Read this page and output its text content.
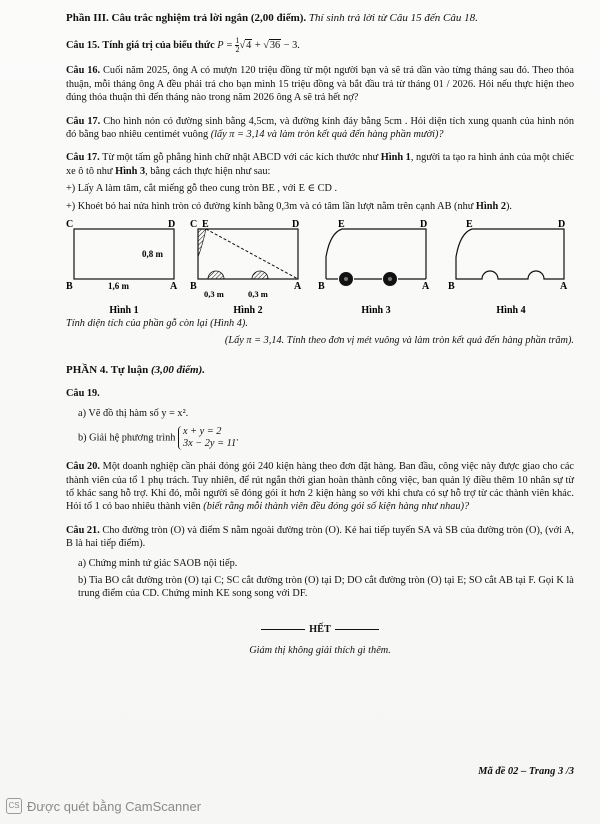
Phần III. Câu trắc nghiệm trả lời ngắn (2,00 điểm). Thí sinh trả lời từ Câu 15 đến Câu 18.

Câu 15. Tính giá trị của biểu thức $P = \frac{1}{2} √4 + √36 - 3$.

Câu 16. Cuối năm 2025, ông A có mượn 120 triệu đồng từ một người bạn và sẽ trả dần vào từng tháng sau đó. Theo thỏa thuận, mỗi tháng ông A đều phải trả cho bạn mình 15 triệu đồng và bắt đầu trả từ tháng 01 / 2026. Hỏi nếu thực hiện theo đúng thỏa thuận thì đến tháng nào trong năm 2026 ông A sẽ trả hết nợ?

Câu 17. Cho hình nón có đường sinh bằng 4,5cm, và đường kính đáy bằng 5cm . Hỏi diện tích xung quanh của hình nón đó bằng bao nhiêu centimét vuông (lấy π = 3,14 và làm tròn kết quả đến hàng phần mười)?

Câu 17. Từ một tấm gỗ phẳng hình chữ nhật ABCD với các kích thước như Hình 1, người ta tạo ra hình ảnh của một chiếc xe ô tô như Hình 3, bằng cách thực hiện như sau:

+) Lấy A làm tâm, cắt miếng gỗ theo cung tròn BE , với E ∈ CD .

+) Khoét bỏ hai nửa hình tròn có đường kính bằng 0,3m và có tâm lần lượt nằm trên cạnh AB (như Hình 2).

C	D
B	A
0,8 m
1,6 m
Hình 1
C E	D
B	A
0,3 m	0,3 m
Hình 2
E	D
B	A
Hình 3
E	D
B	A
Hình 4

Tính diện tích của phần gỗ còn lại (Hình 4).

(Lấy π = 3,14. Tính theo đơn vị mét vuông và làm tròn kết quả đến hàng phần trăm).

PHẦN 4. Tự luận (3,00 điểm).

Câu 19.

a) Vẽ đồ thị hàm số y = x².

b) Giải hệ phương trình
x + y = 2
3x − 2y = 11
.

Câu 20. Một doanh nghiệp cần phải đóng gói 240 kiện hàng theo đơn đặt hàng. Ban đầu, công việc này được giao cho các thành viên của tổ 1 phụ trách. Tuy nhiên, để rút ngắn thời gian hoàn thành công việc, ban quản lý điều thêm 10 nhân sự từ tổ khác sang hỗ trợ. Khi đó, mỗi người sẽ đóng gói ít hơn 2 kiện hàng so với khi chưa có sự hỗ trợ từ các thành viên khác. Hỏi tổ 1 có bao nhiêu thành viên (biết rằng mỗi thành viên đều đóng gói số kiện hàng như nhau)?

Câu 21. Cho đường tròn (O) và điểm S nằm ngoài đường tròn (O). Kẻ hai tiếp tuyến SA và SB của đường tròn (O), (với A, B là hai tiếp điểm).

a) Chứng minh tứ giác SAOB nội tiếp.

b) Tia BO cắt đường tròn (O) tại C; SC cắt đường tròn (O) tại D; DO cắt đường tròn (O) tại E; SO cắt AB tại F. Gọi K là trung điểm của CD. Chứng minh KE song song với DF.

HẾT

Giám thị không giải thích gì thêm.

Mã đề 02 – Trang 3 /3
CS Được quét bằng CamScanner
